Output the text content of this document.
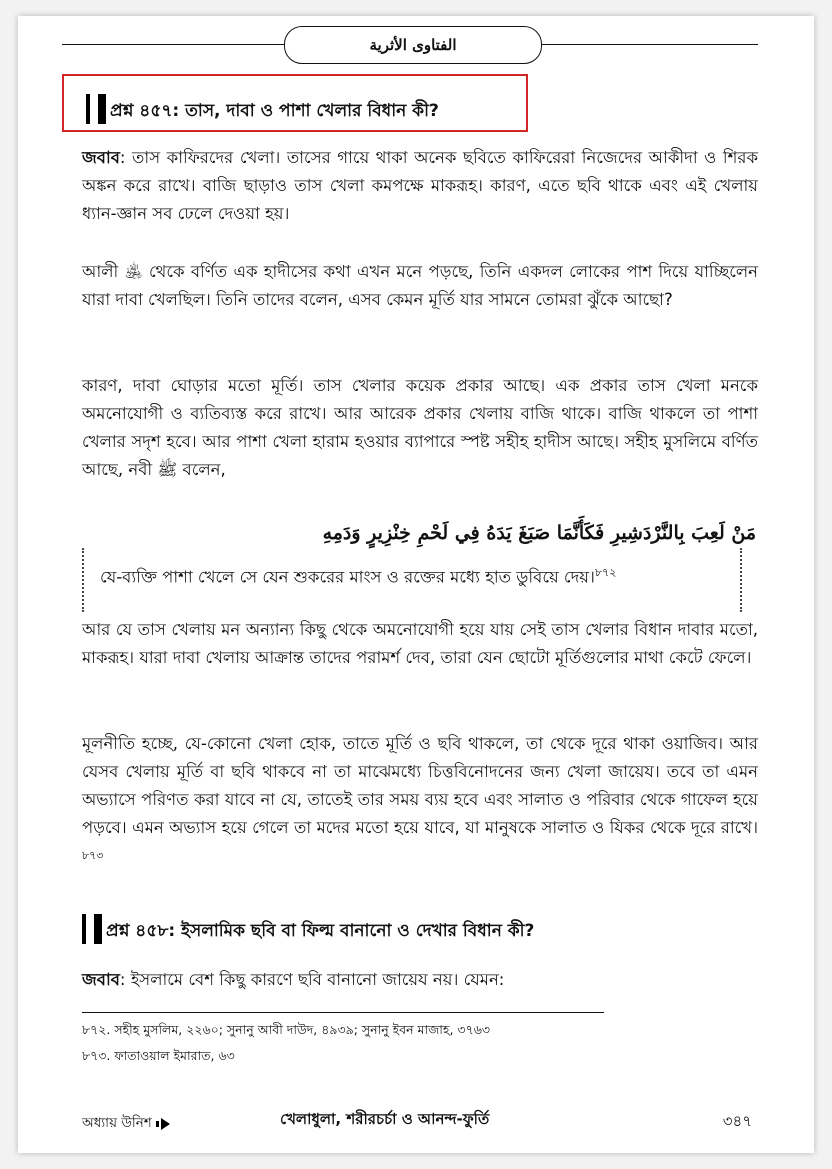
الفتاوى الأثرية

প্রশ্ন ৪৫৭: তাস, দাবা ও পাশা খেলার বিধান কী?
জবাব: তাস কাফিরদের খেলা। তাসের গায়ে থাকা অনেক ছবিতে কাফিরেরা নিজেদের আকীদা ও শিরক অঙ্কন করে রাখে। বাজি ছাড়াও তাস খেলা কমপক্ষে মাকরূহ। কারণ, এতে ছবি থাকে এবং এই খেলায় ধ্যান-জ্ঞান সব ঢেলে দেওয়া হয়।
আলী ﵁ থেকে বর্ণিত এক হাদীসের কথা এখন মনে পড়ছে, তিনি একদল লোকের পাশ দিয়ে যাচ্ছিলেন যারা দাবা খেলছিল। তিনি তাদের বলেন, এসব কেমন মূর্তি যার সামনে তোমরা ঝুঁকে আছো?
কারণ, দাবা ঘোড়ার মতো মূর্তি। তাস খেলার কয়েক প্রকার আছে। এক প্রকার তাস খেলা মনকে অমনোযোগী ও ব্যতিব্যস্ত করে রাখে। আর আরেক প্রকার খেলায় বাজি থাকে। বাজি থাকলে তা পাশা খেলার সদৃশ হবে। আর পাশা খেলা হারাম হওয়ার ব্যাপারে স্পষ্ট সহীহ হাদীস আছে। সহীহ মুসলিমে বর্ণিত আছে, নবী ﷺ বলেন,
مَنْ لَعِبَ بِالنَّرْدَشِيرِ فَكَأَنَّمَا صَبَغَ يَدَهُ فِي لَحْمِ خِنْزِيرٍ وَدَمِهِ
যে-ব্যক্তি পাশা খেলে সে যেন শুকরের মাংস ও রক্তের মধ্যে হাত ডুবিয়ে দেয়।$^{৮৭২}$
আর যে তাস খেলায় মন অন্যান্য কিছু থেকে অমনোযোগী হয়ে যায় সেই তাস খেলার বিধান দাবার মতো, মাকরূহ। যারা দাবা খেলায় আক্রান্ত তাদের পরামর্শ দেব, তারা যেন ছোটো মূর্তিগুলোর মাথা কেটে ফেলে।
মূলনীতি হচ্ছে, যে-কোনো খেলা হোক, তাতে মূর্তি ও ছবি থাকলে, তা থেকে দূরে থাকা ওয়াজিব। আর যেসব খেলায় মূর্তি বা ছবি থাকবে না তা মাঝেমধ্যে চিত্তবিনোদনের জন্য খেলা জায়েয। তবে তা এমন অভ্যাসে পরিণত করা যাবে না যে, তাতেই তার সময় ব্যয় হবে এবং সালাত ও পরিবার থেকে গাফেল হয়ে পড়বে। এমন অভ্যাস হয়ে গেলে তা মদের মতো হয়ে যাবে, যা মানুষকে সালাত ও যিকর থেকে দূরে রাখে।$^{৮৭৩}$

প্রশ্ন ৪৫৮: ইসলামিক ছবি বা ফিল্ম বানানো ও দেখার বিধান কী?
জবাব: ইসলামে বেশ কিছু কারণে ছবি বানানো জায়েয নয়। যেমন:
৮৭২. সহীহ মুসলিম, ২২৬০; সুনানু আবী দাউদ, ৪৯৩৯; সুনানু ইবন মাজাহ, ৩৭৬৩
৮৭৩. ফাতাওয়াল ইমারাত, ৬৩
অধ্যায় উনিশ	খেলাধুলা, শরীরচর্চা ও আনন্দ-ফুর্তি	৩৪৭
